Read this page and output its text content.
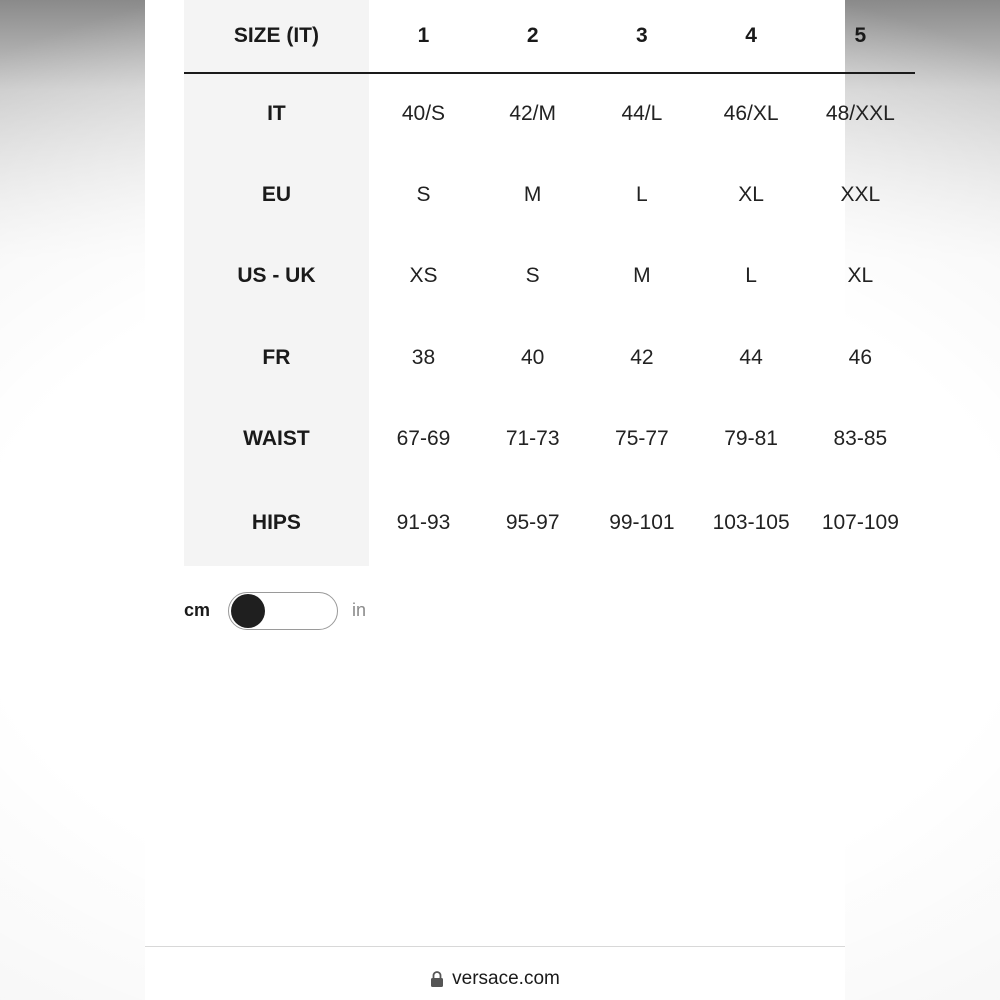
SIZE (IT)	1	2	3	4	5
IT	40/S	42/M	44/L	46/XL	48/XXL
EU	S	M	L	XL	XXL
US - UK	XS	S	M	L	XL
FR	38	40	42	44	46
WAIST	67-69	71-73	75-77	79-81	83-85
HIPS	91-93	95-97	99-101	103-105	107-109
cm	in
versace.com
